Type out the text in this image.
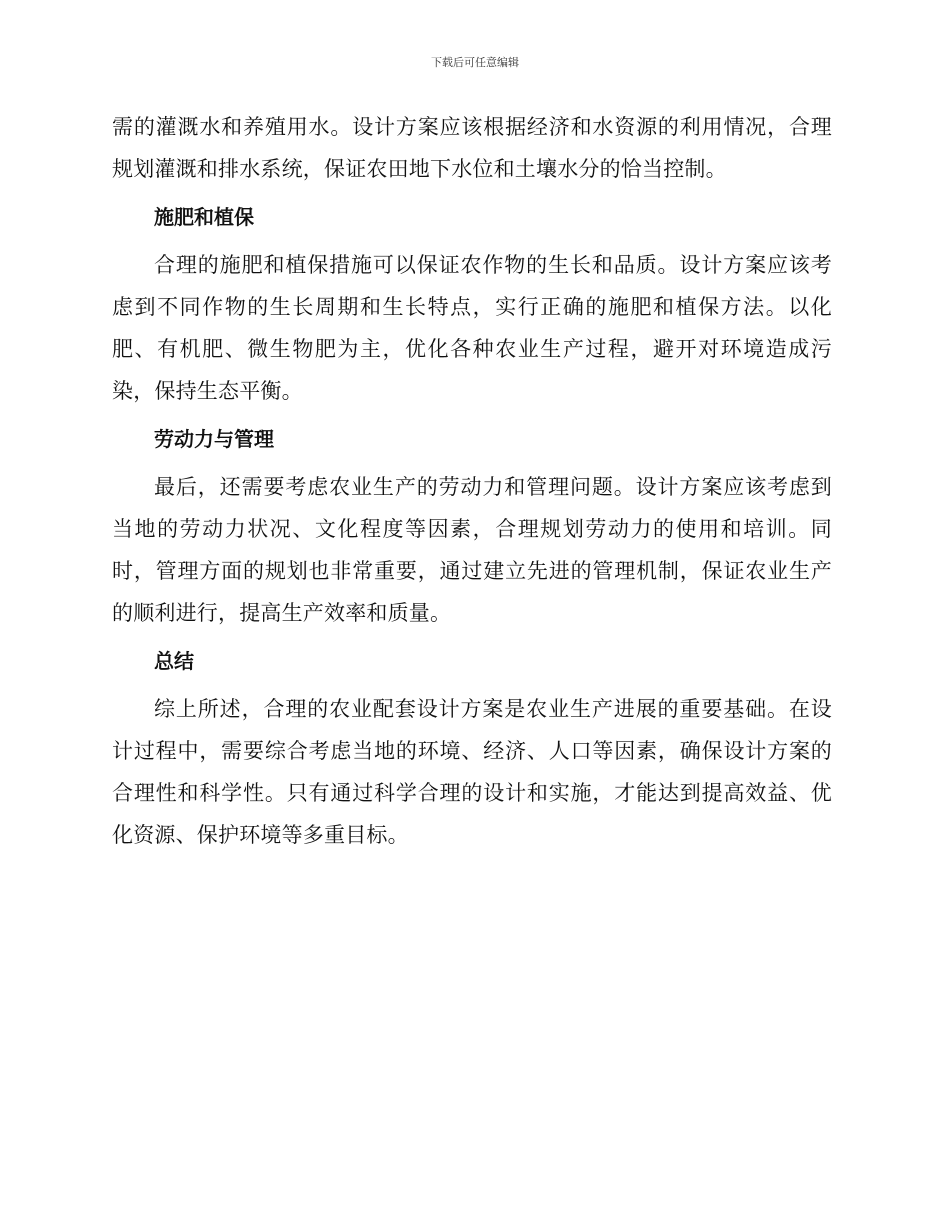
下载后可任意编辑

需的灌溉水和养殖用水。设计方案应该根据经济和水资源的利用情况，合理规划灌溉和排水系统，保证农田地下水位和土壤水分的恰当控制。

施肥和植保

合理的施肥和植保措施可以保证农作物的生长和品质。设计方案应该考虑到不同作物的生长周期和生长特点，实行正确的施肥和植保方法。以化肥、有机肥、微生物肥为主，优化各种农业生产过程，避开对环境造成污染，保持生态平衡。

劳动力与管理

最后，还需要考虑农业生产的劳动力和管理问题。设计方案应该考虑到当地的劳动力状况、文化程度等因素，合理规划劳动力的使用和培训。同时，管理方面的规划也非常重要，通过建立先进的管理机制，保证农业生产的顺利进行，提高生产效率和质量。

总结

综上所述，合理的农业配套设计方案是农业生产进展的重要基础。在设计过程中，需要综合考虑当地的环境、经济、人口等因素，确保设计方案的合理性和科学性。只有通过科学合理的设计和实施，才能达到提高效益、优化资源、保护环境等多重目标。
